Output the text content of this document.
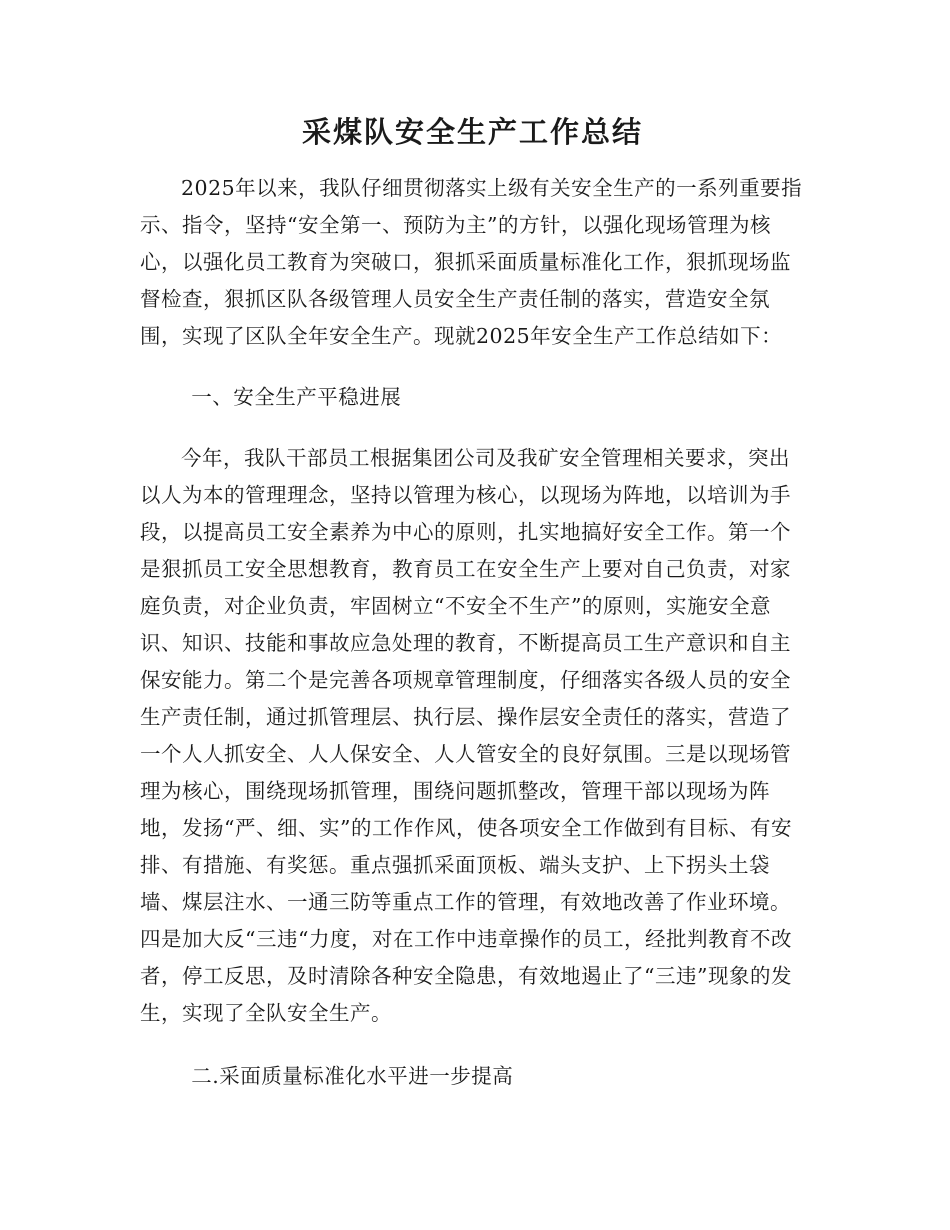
采煤队安全生产工作总结

2025年以来，我队仔细贯彻落实上级有关安全生产的一系列重要指示、指令，坚持“安全第一、预防为主”的方针，以强化现场管理为核心，以强化员工教育为突破口，狠抓采面质量标准化工作，狠抓现场监督检查，狠抓区队各级管理人员安全生产责任制的落实，营造安全氛围，实现了区队全年安全生产。现就2025年安全生产工作总结如下：

一、安全生产平稳进展

今年，我队干部员工根据集团公司及我矿安全管理相关要求，突出以人为本的管理理念，坚持以管理为核心，以现场为阵地，以培训为手段，以提高员工安全素养为中心的原则，扎实地搞好安全工作。第一个是狠抓员工安全思想教育，教育员工在安全生产上要对自己负责，对家庭负责，对企业负责，牢固树立“不安全不生产”的原则，实施安全意识、知识、技能和事故应急处理的教育，不断提高员工生产意识和自主保安能力。第二个是完善各项规章管理制度，仔细落实各级人员的安全生产责任制，通过抓管理层、执行层、操作层安全责任的落实，营造了一个人人抓安全、人人保安全、人人管安全的良好氛围。三是以现场管理为核心，围绕现场抓管理，围绕问题抓整改，管理干部以现场为阵地，发扬“严、细、实”的工作作风，使各项安全工作做到有目标、有安排、有措施、有奖惩。重点强抓采面顶板、端头支护、上下拐头土袋墙、煤层注水、一通三防等重点工作的管理，有效地改善了作业环境。四是加大反“三违“力度，对在工作中违章操作的员工，经批判教育不改者，停工反思，及时清除各种安全隐患，有效地遏止了“三违”现象的发生，实现了全队安全生产。

二.采面质量标准化水平进一步提高
